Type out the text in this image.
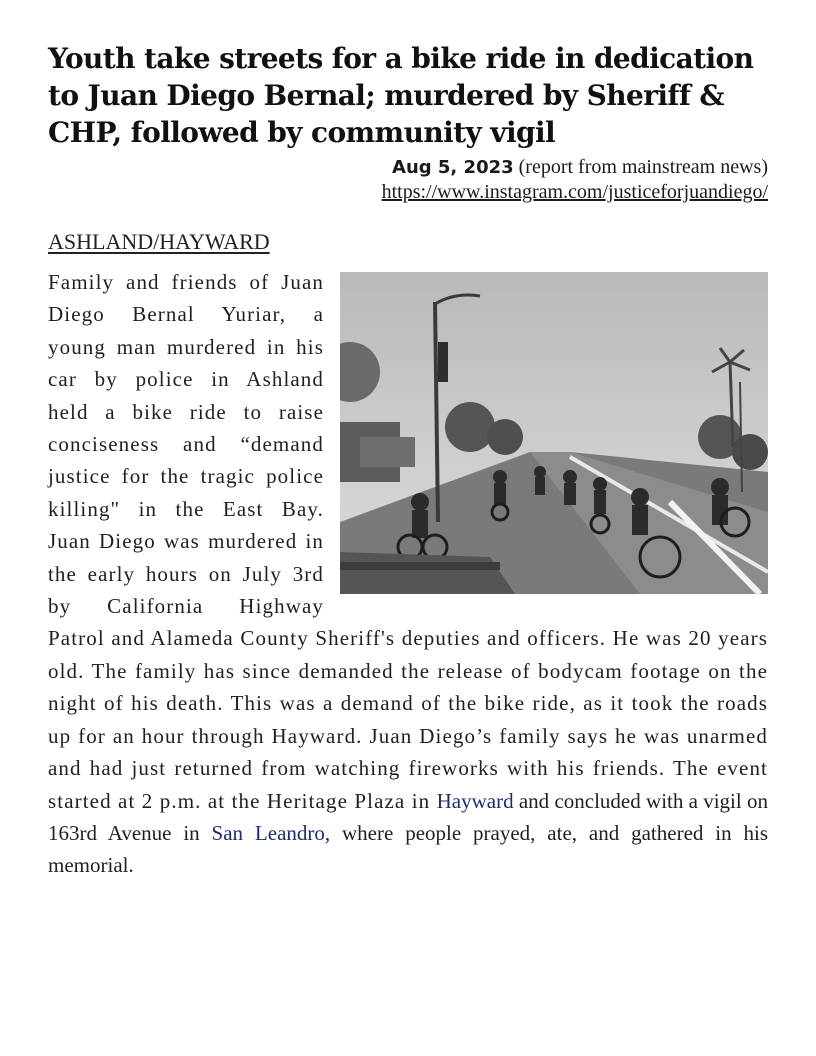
Youth take streets for a bike ride in dedication to Juan Diego Bernal; murdered by Sheriff & CHP, followed by community vigil
Aug 5, 2023 (report from mainstream news)
https://www.instagram.com/justiceforjuandiego/
ASHLAND/HAYWARD

Family and friends of Juan Diego Bernal Yuriar, a young man murdered in his car by police in Ashland held a bike ride to raise conciseness and “demand justice for the tragic police killing" in the East Bay. Juan Diego was murdered in the early hours on July 3rd by California Highway Patrol and Alameda County Sheriff's deputies and officers. He was 20 years old. The family has since demanded the release of bodycam footage on the night of his death. This was a demand of the bike ride, as it took the roads up for an hour through Hayward. Juan Diego’s family says he was unarmed and had just returned from watching fireworks with his friends. The event started at 2 p.m. at the Heritage Plaza in Hayward and concluded with a vigil on 163rd Avenue in San Leandro, where people prayed, ate, and gathered in his memorial.
